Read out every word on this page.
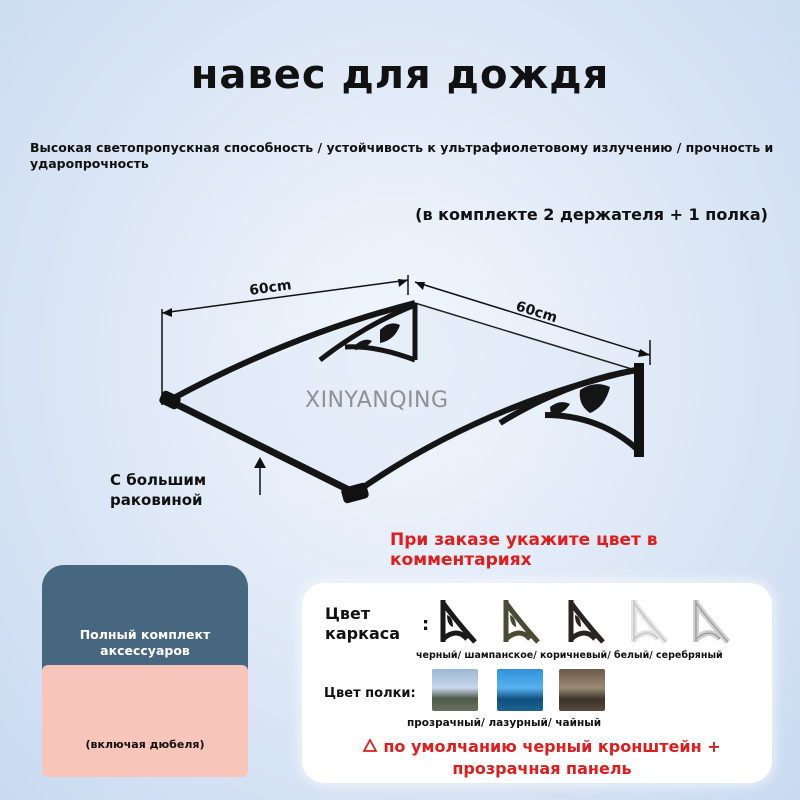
навес для дождя
Высокая светопропускная способность / устойчивость к ультрафиолетовому излучению / прочность и ударопрочность
(в комплекте 2 держателя + 1 полка)
60cm
60cm
XINYANQING
С большим
раковиной
При заказе укажите цвет в комментариях
Полный комплект аксессуаров
(включая дюбеля)
Цвет
каркаса :
черный/ шампанское/ коричневый/ белый/ серебряный
Цвет полки:
прозрачный/ лазурный/ чайный
по умолчанию черный кронштейн +
прозрачная панель
